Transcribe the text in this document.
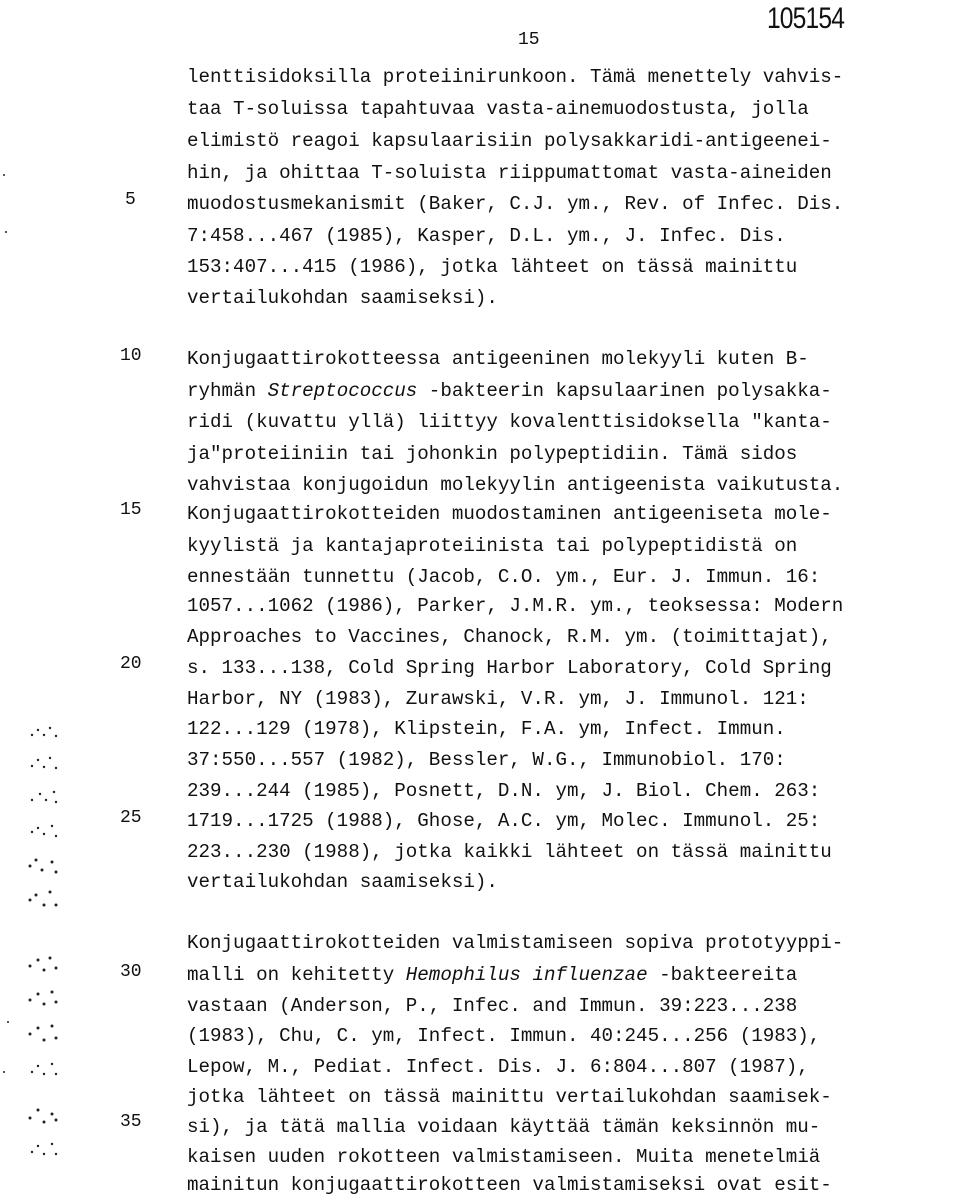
105154
15
5
10
15
20
25
30
35
lenttisidoksilla proteiinirunkoon. Tämä menettely vahvis-
taa T-soluissa tapahtuvaa vasta-ainemuodostusta, jolla
elimistö reagoi kapsulaarisiin polysakkaridi-antigeenei-
hin, ja ohittaa T-soluista riippumattomat vasta-aineiden
muodostusmekanismit (Baker, C.J. ym., Rev. of Infec. Dis.
7:458...467 (1985), Kasper, D.L. ym., J. Infec. Dis.
153:407...415 (1986), jotka lähteet on tässä mainittu
vertailukohdan saamiseksi).
Konjugaattirokotteessa antigeeninen molekyyli kuten B-
ryhmän Streptococcus -bakteerin kapsulaarinen polysakka-
ridi (kuvattu yllä) liittyy kovalenttisidoksella "kanta-
ja"proteiiniin tai johonkin polypeptidiin. Tämä sidos
vahvistaa konjugoidun molekyylin antigeenista vaikutusta.
Konjugaattirokotteiden muodostaminen antigeeniseta mole-
kyylistä ja kantajaproteiinista tai polypeptidistä on
ennestään tunnettu (Jacob, C.O. ym., Eur. J. Immun. 16:
1057...1062 (1986), Parker, J.M.R. ym., teoksessa: Modern
Approaches to Vaccines, Chanock, R.M. ym. (toimittajat),
s. 133...138, Cold Spring Harbor Laboratory, Cold Spring
Harbor, NY (1983), Zurawski, V.R. ym, J. Immunol. 121:
122...129 (1978), Klipstein, F.A. ym, Infect. Immun.
37:550...557 (1982), Bessler, W.G., Immunobiol. 170:
239...244 (1985), Posnett, D.N. ym, J. Biol. Chem. 263:
1719...1725 (1988), Ghose, A.C. ym, Molec. Immunol. 25:
223...230 (1988), jotka kaikki lähteet on tässä mainittu
vertailukohdan saamiseksi).
Konjugaattirokotteiden valmistamiseen sopiva prototyyppi-
malli on kehitetty Hemophilus influenzae -bakteereita
vastaan (Anderson, P., Infec. and Immun. 39:223...238
(1983), Chu, C. ym, Infect. Immun. 40:245...256 (1983),
Lepow, M., Pediat. Infect. Dis. J. 6:804...807 (1987),
jotka lähteet on tässä mainittu vertailukohdan saamisek-
si), ja tätä mallia voidaan käyttää tämän keksinnön mu-
kaisen uuden rokotteen valmistamiseen. Muita menetelmiä
mainitun konjugaattirokotteen valmistamiseksi ovat esit-
